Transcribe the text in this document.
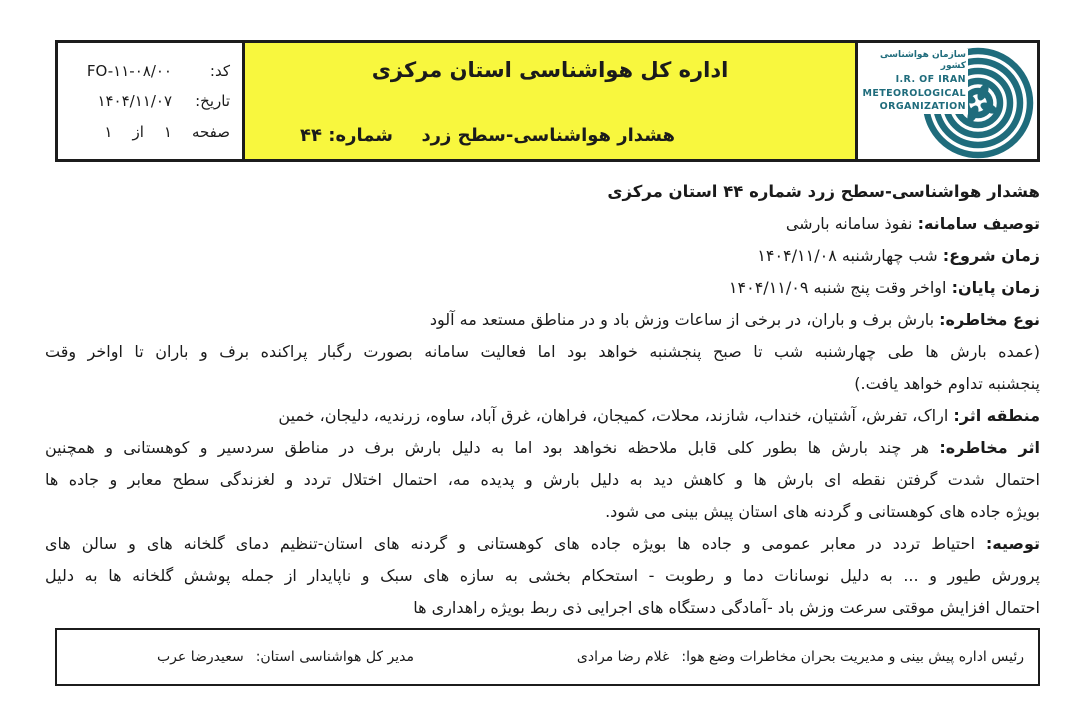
کد:
FO-۱۱-۰۸/۰۰
تاریخ:
۱۴۰۴/۱۱/۰۷
صفحه
۱
از
۱
اداره کل هواشناسی استان مرکزی
هشدار هواشناسی-سطح زرد
شماره: ۴۴
سازمان هواشناسی کشور
I.R. OF IRAN
METEOROLOGICAL
ORGANIZATION
هشدار هواشناسی-سطح زرد شماره ۴۴ استان مرکزی
توصیف سامانه: نفوذ سامانه بارشی
زمان شروع: شب چهارشنبه ۱۴۰۴/۱۱/۰۸
زمان پایان: اواخر وقت پنج شنبه ۱۴۰۴/۱۱/۰۹
نوع مخاطره: بارش برف و باران، در برخی از ساعات وزش باد و در مناطق مستعد مه آلود
(عمده بارش ها طی چهارشنبه شب تا صبح پنجشنبه خواهد بود اما فعالیت سامانه بصورت رگبار پراکنده برف و باران تا اواخر وقت
پنجشنبه تداوم خواهد یافت.)
منطقه اثر: اراک، تفرش، آشتیان، خنداب، شازند، محلات، کمیجان، فراهان، غرق آباد، ساوه، زرندیه، دلیجان، خمین
اثر مخاطره: هر چند بارش ها بطور کلی قابل ملاحظه نخواهد بود اما به دلیل بارش برف در مناطق سردسیر و کوهستانی و همچنین
احتمال شدت گرفتن نقطه ای بارش ها و کاهش دید به دلیل بارش و پدیده مه، احتمال اختلال تردد و لغزندگی سطح معابر و جاده ها
بویژه جاده های کوهستانی و گردنه های استان پیش بینی می شود.
توصیه: احتیاط تردد در معابر عمومی و جاده ها بویژه جاده های کوهستانی و گردنه های استان-تنظیم دمای گلخانه های و سالن های
پرورش طیور و ... به دلیل نوسانات دما و رطوبت - استحکام بخشی به سازه های سبک و ناپایدار از جمله پوشش گلخانه ها به دلیل
احتمال افزایش موقتی سرعت وزش باد -آمادگی دستگاه های اجرایی ذی ربط بویژه راهداری ها
رئیس اداره پیش بینی و مدیریت بحران مخاطرات وضع هوا:
غلام رضا مرادی
مدیر کل هواشناسی استان:
سعیدرضا عرب
